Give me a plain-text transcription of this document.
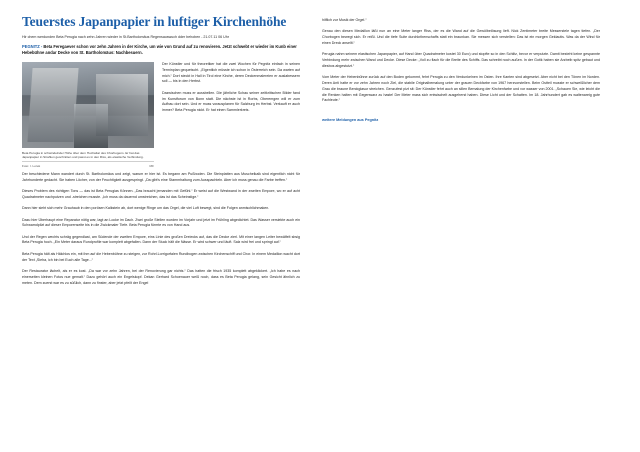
Teuerstes Japanpapier in luftiger Kirchenhöhe
Hir chem werdunden Beta Perugia nach zehn Jahren wieder in St.Bartholomäus Regensauswuch dder behoben - 21.07.11 06 Uhr

PEGNITZ - Beta Feregaever schon vor zehn Jahren in der Kirche, um wie von Grund auf zu renovieren. Jetzt schwebt er wieder im Kunb einer Hebebühne andar Decke von St. Bartholomäus: Nachbesuern.

Beta Perugia in schwindelnder Höhe über dem Hochaltar des Chorbogens. Er hat das Japanpapier in Strahlen geschnitten und passt es in den Riss, als elastische Verbindung.
Foto: I. Lorek	MF

Der Künstler und für theoretiker hat die zwei Wochen für Pegnitz einfach in seinen Terminplan gequetscht. „Eigentlich müsste ich schon in Österreich sein. Da warten auf mich.“ Dort steckt in Hall in Tirol eine Kirche, deren Deckenmalereien er auslabessern soll — bis in den Herbst.

Dazwischen muss er aussbellen. Die jährliche Schau seiner zeitkritischen Bilder fand im Kunstforum von Bonn statt. Die nächste ist in Rorbs, Oberemgen will er zum Aufbau dort sein. Und er muss vorausplanen für Salzburg im Herbst. Verkauft er auch immer? Beta Perugia nickt. Er hat einen Sammlerkreis.

Der beschiedene Mann wandert durch St. Bartholomäus und zeigt, warum er hier ist. Es begann am Pußboden. Die Steinplatten aus Muschelkalk sind eigentlich nicht für Jahrhunderte gedacht. Sie haben Löcher, von der Feuchtigkeit ausgespringt. „Da gibt’s eine Stammhaltung zum Ausspachteln. Aber ich muss genau die Farbe treffen.“

Dieses Problem des richtigen Tons — das ist Beta Perugias Können. „Das braucht jemanden mit Gefühl.“ Er weist auf die Westwand in der zweiten Empore, wo er auf acht Quadratmeter nachputzen und -streichen musste. „Ich muss da dauernd umstreichen, das ist das Scheinstige.“

Dann hier sieht sich mehr Grauhaub in den porösen Kalkstein ab, dort wenige Ringe um das Orgel, die viel Luft bewegt, sind die Folgen anmischlichmaken.

Dazu hier Überhaupt eine Reparatur nötig war, lagt an Locke im Dach. Zwei große Stellen wurden im Vorjahr und jetzt im Frühling abgedichtet. Das Wasser versiekte auch ein Schwamdpilzt auf dieser Emporenseite bis in die Zwickmaler Tiefe. Beta Perugia fürmte es von Hand aus.

Und der Regen wechts schräg gegendlast, am Südende der zweiten Empore, eins Linie des großen Dreiecks auf, das die Decke zierl. Mit einer langen Leiter bewälfelt sbsig Beta Perugia hoch. „Ein Meter daraus Rundprofile war komplett abgefallen. Dann der Stuck hält die Nässe. Er wird schwer und läuft. Salz wird frei und springt auf.“

Beta Perugia hält als Hälchlos ein, mit ihm auf die Hebenbühne zu steigen, zur Rohrl.Lorrigorfalen Rundbogen zwischen Kirchenschiff und Chor. In einem Medaillon wacht dort der Text „Sieha, ich bin bei Euch alle Tage...“

Der Restaurator lächelt, als er es kost. „Da war vor zehn Jahren, bei der Renovierung gar nichts.“ Das hatten die frisch 1935 komplett abgeklickert. „Ich habe es nach einerseiten kleinen Fotos nue gemalt.“ Dazu gehört auch ein Engelskopf. Dekan Gerhard Schoenauer weiß noch, dass es Beta Perugia gelang, sein Gesicht ähnlich zu meten. Dem zuerst war es zu süßlich, dann zu finster, aber jetzt pfeilt der Engel

hilflich zur Musik der Orgel.“

Genau den diesen Medaillon läßt nun an eine Meter langer Riss, der es die Wand auf die Gewölbelösung lieft. Nick Zentimeter breite Messerstele tagen tiefen. „Der Chorbogen bewegt sich. Er reißt. Und die tiefe Suite durchkribenschaffs statt ein braunkan. Sie messen sich verstellen: Das ist ein morgen Geklautis. Was da der Wind für einen Dreck ansellt.“

Perugia nahm seinem elastischen Japanpapier, auf Hand über Quadratmeter kostet 30 Euro) und stopfte so in den Schlitz, bevor er verputzte. Damit besteht keine gespannte Verbindung mehr zwischen Wand und Decke. Diese Decke: „Voll zu flach für die Breite des Schiffs. Das schreibt noch außen. In der Gotik haben sie Arzbeib spitz gebaut und dlesbos abgestutzt.“

Vom Meter der Hebenbühne zurück auf den Boden gekommt, fehrt Perugia zu den Verdunkelnen im Osten. Ihre Kanten sind abgesetzt. Aber nicht bei den Tönen im Norden. Deren Anti hatte er vor zehn Jahren noch Ziel, die stabile Originalbemalung unter der grauen Deckfarbe von 1967 herzvorstellen. Beim Ostteil musste er schweißlicher dem Grau die braune Berckglasur streichen. Genzufest pizt sit: Der Künstler fehrt auch an sillen Bemalung der Kirchenfarbe und vor wasser von 2001. „Schauen Sie, wie leicht die die Renken halten mit Gegenwarz zu haste! Der Meter mass sich entwischelt ausgeherst haben. Diese Licht und der Schatten. Im 18. Jahrhundert gab es waltenareig gute Fachleute.“

weitere Meldungen aus Pegnitz
